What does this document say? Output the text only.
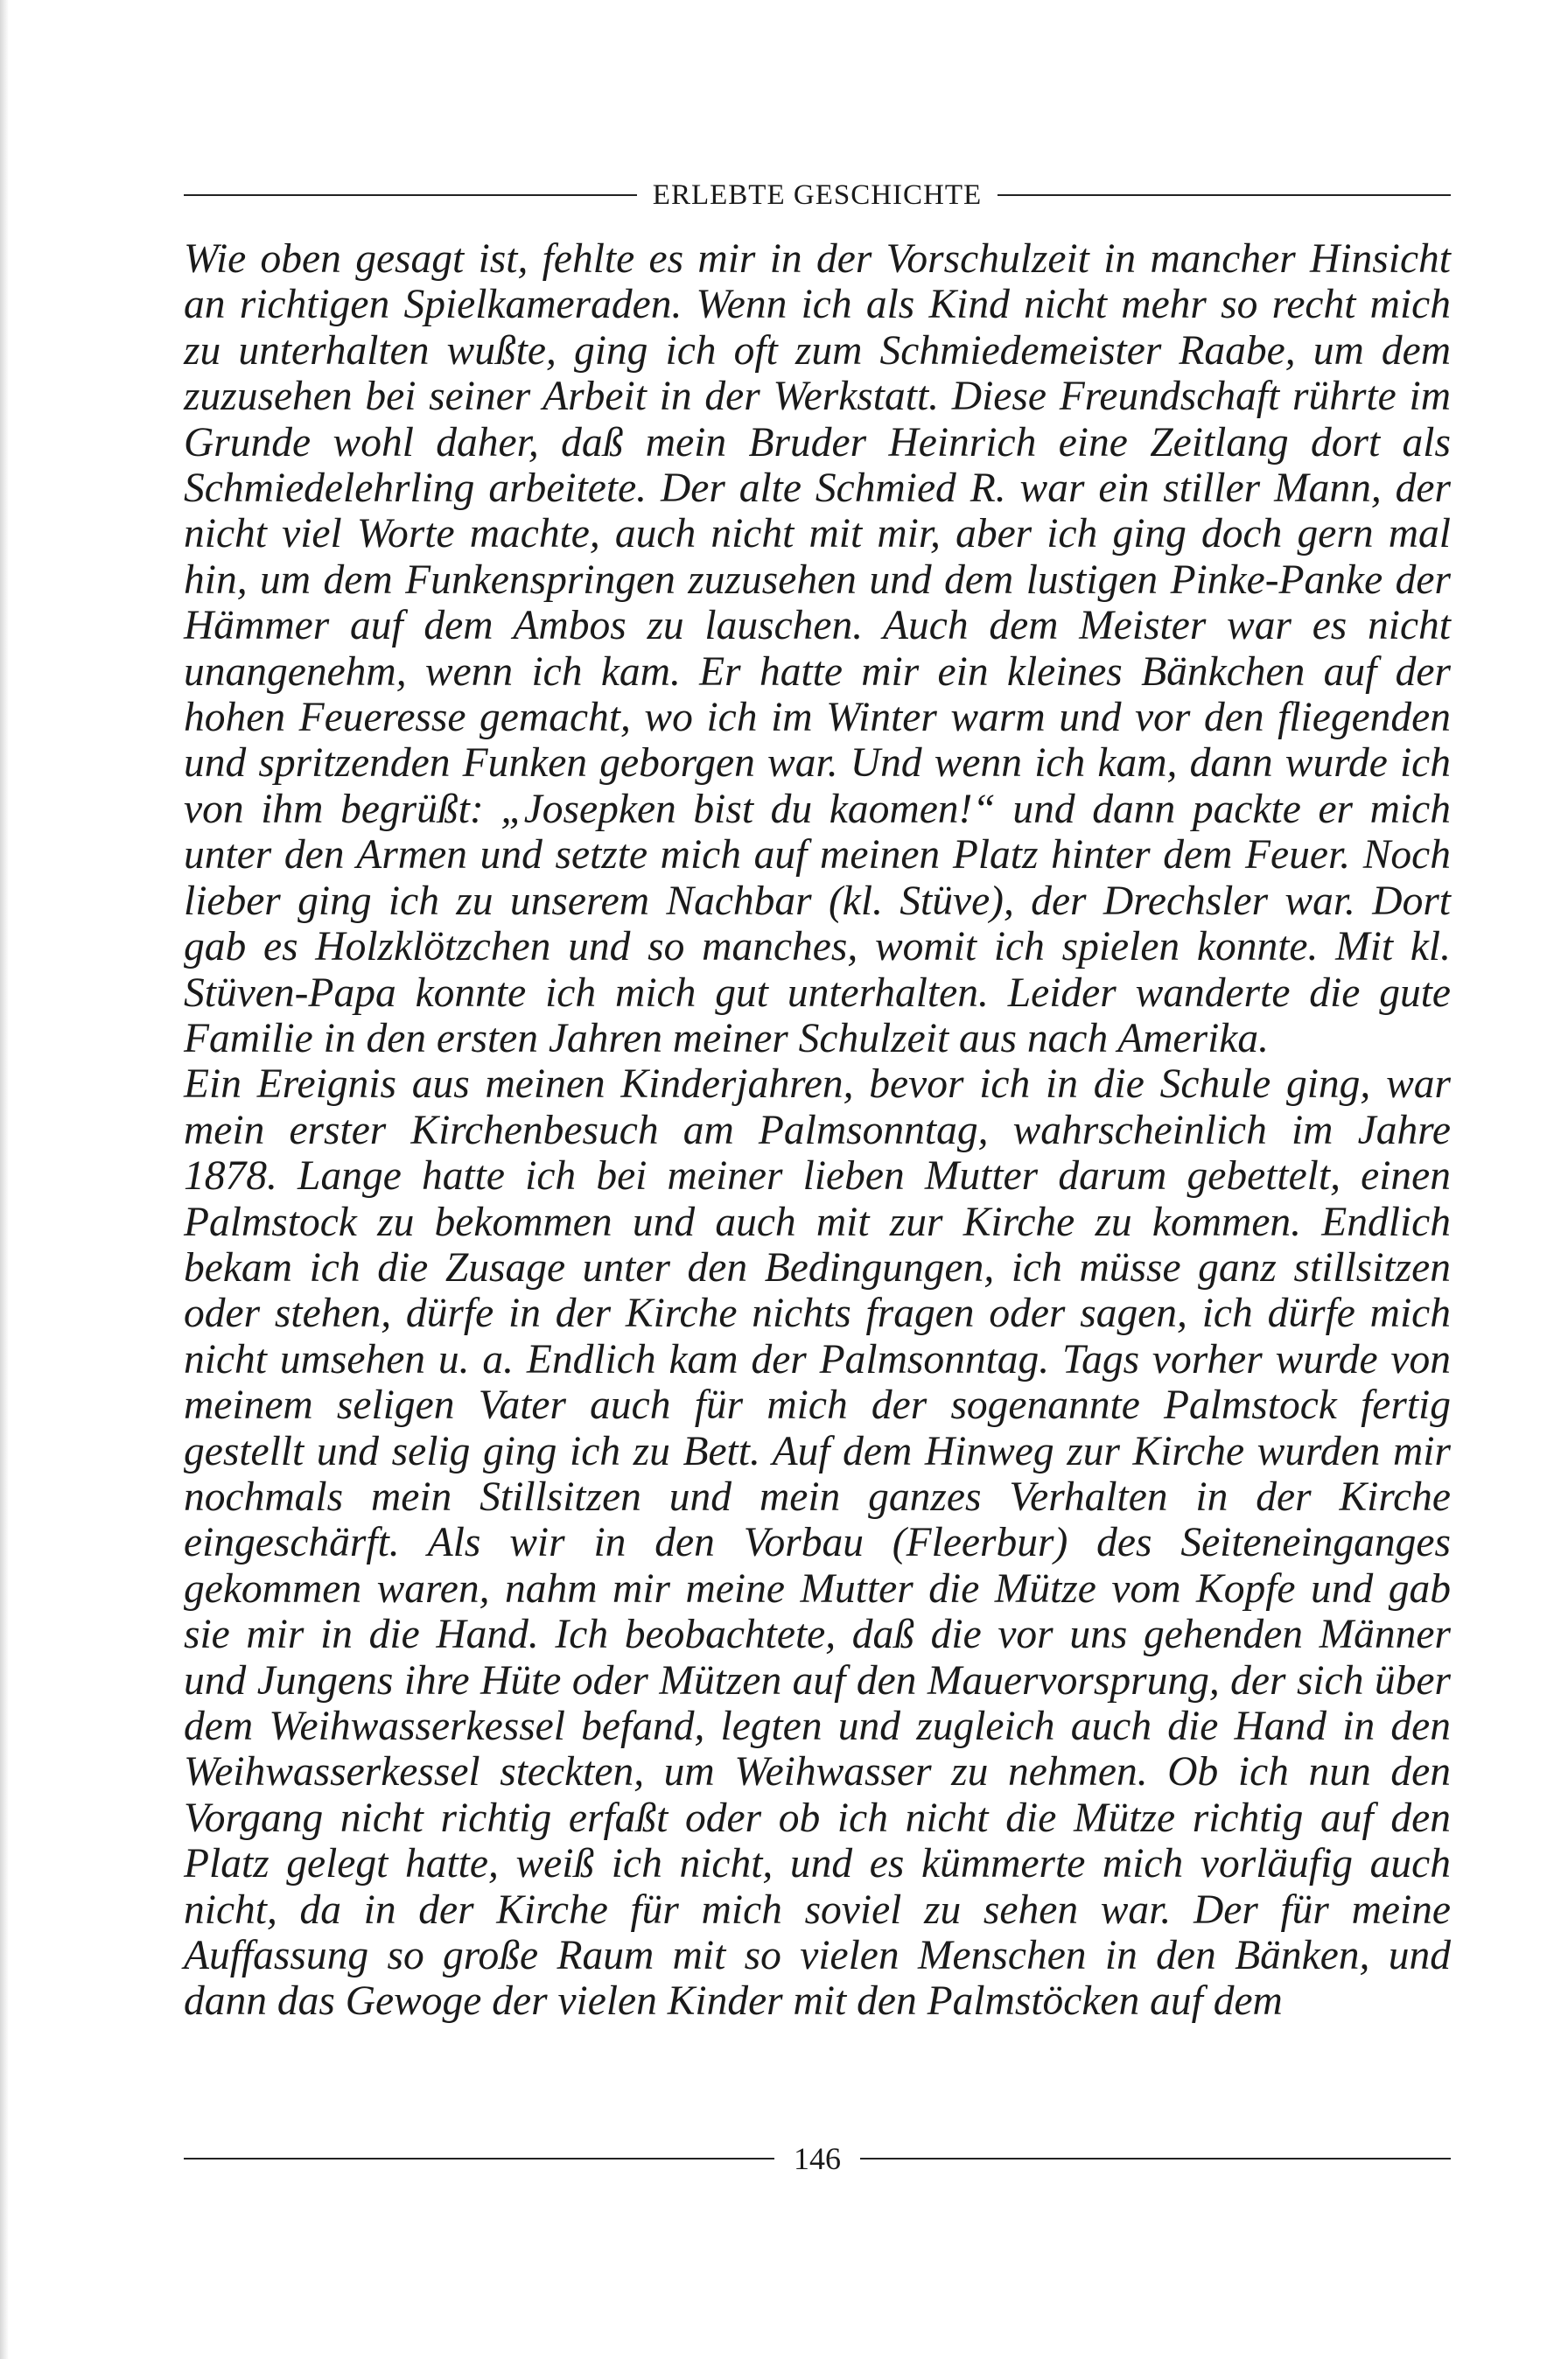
ERLEBTE GESCHICHTE

Wie oben gesagt ist, fehlte es mir in der Vorschulzeit in mancher Hinsicht an richtigen Spielkameraden. Wenn ich als Kind nicht mehr so recht mich zu unterhalten wußte, ging ich oft zum Schmiedemeister Raabe, um dem zuzusehen bei seiner Arbeit in der Werkstatt. Diese Freundschaft rührte im Grunde wohl daher, daß mein Bruder Heinrich eine Zeitlang dort als Schmiedelehrling arbeitete. Der alte Schmied R. war ein stiller Mann, der nicht viel Worte machte, auch nicht mit mir, aber ich ging doch gern mal hin, um dem Funkenspringen zuzusehen und dem lustigen Pinke-Panke der Hämmer auf dem Ambos zu lauschen. Auch dem Meister war es nicht unangenehm, wenn ich kam. Er hatte mir ein kleines Bänkchen auf der hohen Feueresse gemacht, wo ich im Winter warm und vor den fliegenden und spritzenden Funken geborgen war. Und wenn ich kam, dann wurde ich von ihm begrüßt: „Josepken bist du kaomen!“ und dann packte er mich unter den Armen und setzte mich auf meinen Platz hinter dem Feuer. Noch lieber ging ich zu unserem Nachbar (kl. Stüve), der Drechsler war. Dort gab es Holzklötzchen und so manches, womit ich spielen konnte. Mit kl. Stüven-Papa konnte ich mich gut unterhalten. Leider wanderte die gute Familie in den ersten Jahren meiner Schulzeit aus nach Amerika.

Ein Ereignis aus meinen Kinderjahren, bevor ich in die Schule ging, war mein erster Kirchenbesuch am Palmsonntag, wahrscheinlich im Jahre 1878. Lange hatte ich bei meiner lieben Mutter darum gebettelt, einen Palmstock zu bekommen und auch mit zur Kirche zu kommen. Endlich bekam ich die Zusage unter den Bedingungen, ich müsse ganz stillsitzen oder stehen, dürfe in der Kirche nichts fragen oder sagen, ich dürfe mich nicht umsehen u. a. Endlich kam der Palmsonntag. Tags vorher wurde von meinem seligen Vater auch für mich der sogenannte Palmstock fertig gestellt und selig ging ich zu Bett. Auf dem Hinweg zur Kirche wurden mir nochmals mein Stillsitzen und mein ganzes Verhalten in der Kirche eingeschärft. Als wir in den Vorbau (Fleerbur) des Seiteneinganges gekommen waren, nahm mir meine Mutter die Mütze vom Kopfe und gab sie mir in die Hand. Ich beobachtete, daß die vor uns gehenden Männer und Jungens ihre Hüte oder Mützen auf den Mauervorsprung, der sich über dem Weihwasserkessel befand, legten und zugleich auch die Hand in den Weihwasserkessel steckten, um Weihwasser zu nehmen. Ob ich nun den Vorgang nicht richtig erfaßt oder ob ich nicht die Mütze richtig auf den Platz gelegt hatte, weiß ich nicht, und es kümmerte mich vorläufig auch nicht, da in der Kirche für mich soviel zu sehen war. Der für meine Auffassung so große Raum mit so vielen Menschen in den Bänken, und dann das Gewoge der vielen Kinder mit den Palmstöcken auf dem

146
